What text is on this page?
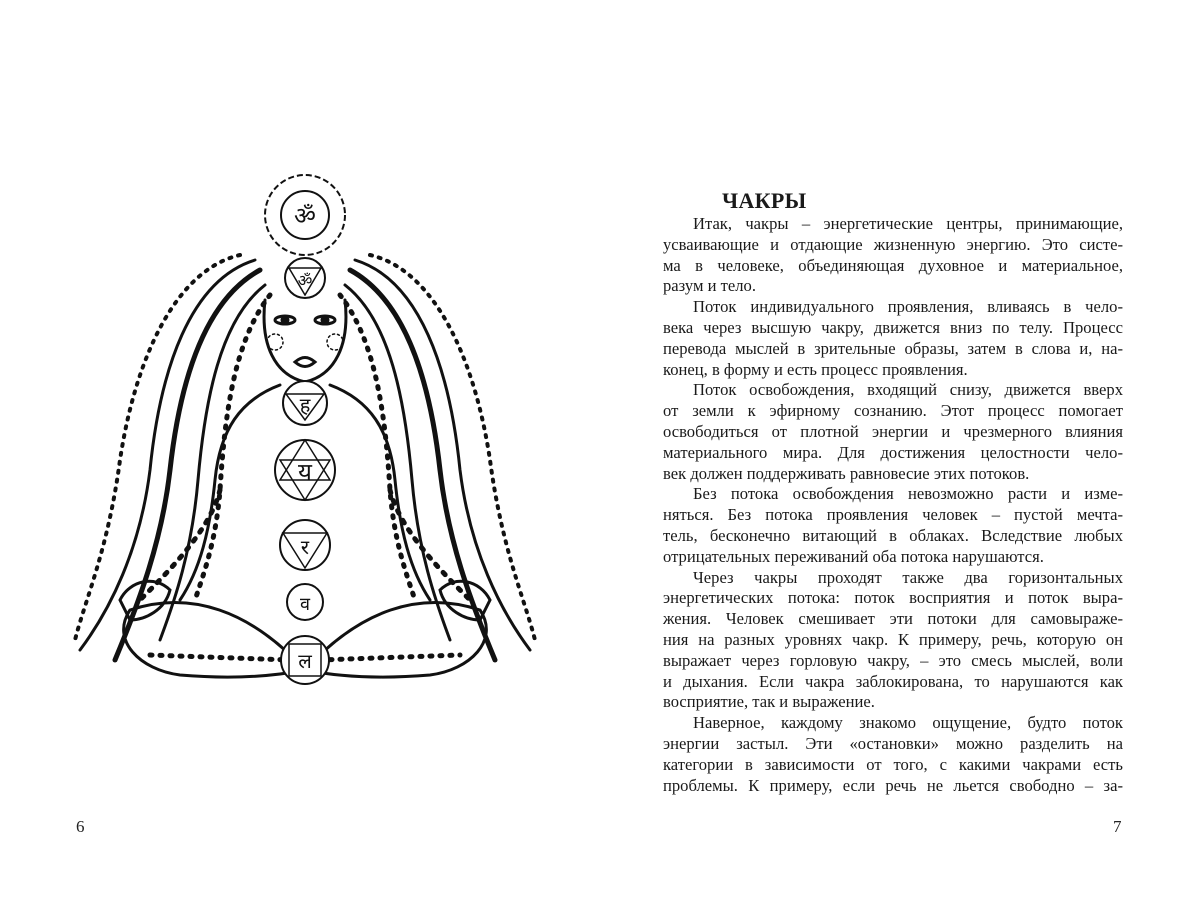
ॐ
ॐ
ह
य
र
व
ल
6
ЧАКРЫ
Итак, чакры – энергетические центры, принимающие,
усваивающие и отдающие жизненную энергию. Это систе-
ма в человеке, объединяющая духовное и материальное,
разум и тело.
Поток индивидуального проявления, вливаясь в чело-
века через высшую чакру, движется вниз по телу. Процесс
перевода мыслей в зрительные образы, затем в слова и, на-
конец, в форму и есть процесс проявления.
Поток освобождения, входящий снизу, движется вверх
от земли к эфирному сознанию. Этот процесс помогает
освободиться от плотной энергии и чрезмерного влияния
материального мира. Для достижения целостности чело-
век должен поддерживать равновесие этих потоков.
Без потока освобождения невозможно расти и изме-
няться. Без потока проявления человек – пустой мечта-
тель, бесконечно витающий в облаках. Вследствие любых
отрицательных переживаний оба потока нарушаются.
Через чакры проходят также два горизонтальных
энергетических потока: поток восприятия и поток выра-
жения. Человек смешивает эти потоки для самовыраже-
ния на разных уровнях чакр. К примеру, речь, которую он
выражает через горловую чакру, – это смесь мыслей, воли
и дыхания. Если чакра заблокирована, то нарушаются как
восприятие, так и выражение.
Наверное, каждому знакомо ощущение, будто поток
энергии застыл. Эти «остановки» можно разделить на
категории в зависимости от того, с какими чакрами есть
проблемы. К примеру, если речь не льется свободно – за-
7
